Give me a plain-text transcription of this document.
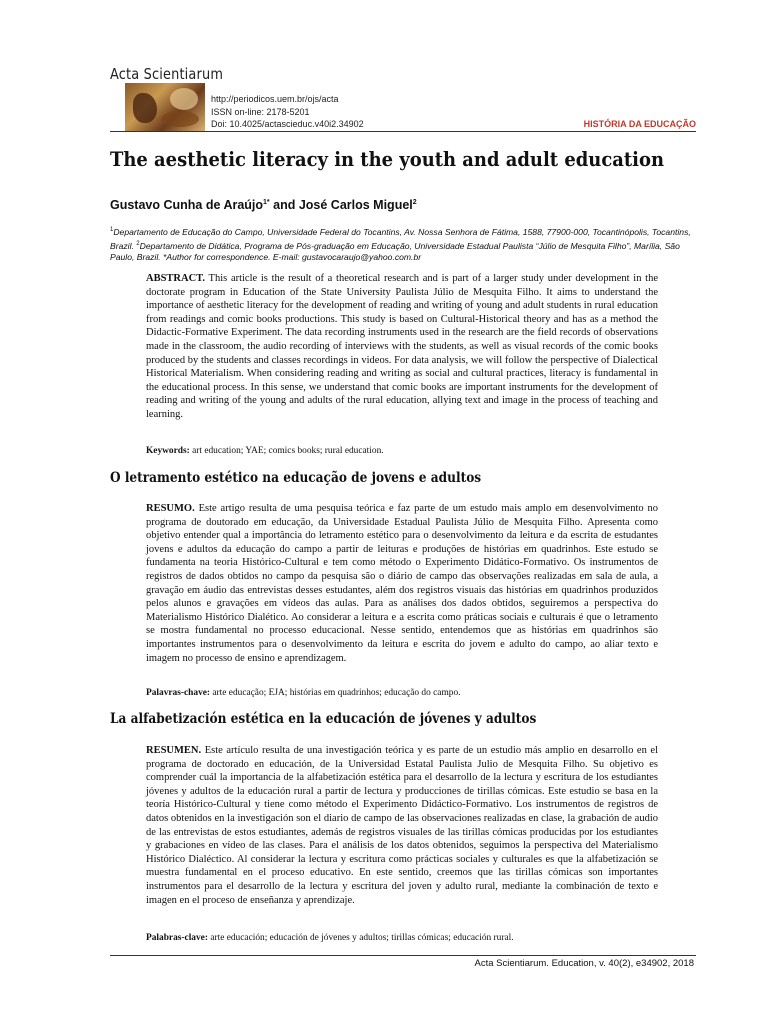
Acta Scientiarum
http://periodicos.uem.br/ojs/acta
ISSN on-line: 2178-5201
Doi: 10.4025/actascieduc.v40i2.34902	HISTÓRIA DA EDUCAÇÃO
The aesthetic literacy in the youth and adult education
Gustavo Cunha de Araújo$^{1*}$ and José Carlos Miguel$^2$
$^1$Departamento de Educação do Campo, Universidade Federal do Tocantins, Av. Nossa Senhora de Fátima, 1588, 77900-000, Tocantinópolis, Tocantins, Brazil. $^2$Departamento de Didática, Programa de Pós-graduação em Educação, Universidade Estadual Paulista “Júlio de Mesquita Filho”, Marília, São Paulo, Brazil. *Author for correspondence. E-mail: gustavocaraujo@yahoo.com.br
ABSTRACT. This article is the result of a theoretical research and is part of a larger study under development in the doctorate program in Education of the State University Paulista Júlio de Mesquita Filho. It aims to understand the importance of aesthetic literacy for the development of reading and writing of young and adult students in rural education from readings and comic books productions. This study is based on Cultural-Historical theory and has as a method the Didactic-Formative Experiment. The data recording instruments used in the research are the field records of observations made in the classroom, the audio recording of interviews with the students, as well as visual records of the comic books produced by the students and classes recordings in videos. For data analysis, we will follow the perspective of Dialectical Historical Materialism. When considering reading and writing as social and cultural practices, literacy is fundamental in the educational process. In this sense, we understand that comic books are important instruments for the development of reading and writing of the young and adults of the rural education, allying text and image in the process of teaching and learning.
Keywords: art education; YAE; comics books; rural education.
O letramento estético na educação de jovens e adultos
RESUMO. Este artigo resulta de uma pesquisa teórica e faz parte de um estudo mais amplo em desenvolvimento no programa de doutorado em educação, da Universidade Estadual Paulista Júlio de Mesquita Filho. Apresenta como objetivo entender qual a importância do letramento estético para o desenvolvimento da leitura e da escrita de estudantes jovens e adultos da educação do campo a partir de leituras e produções de histórias em quadrinhos. Este estudo se fundamenta na teoria Histórico-Cultural e tem como método o Experimento Didático-Formativo. Os instrumentos de registros de dados obtidos no campo da pesquisa são o diário de campo das observações realizadas em sala de aula, a gravação em áudio das entrevistas desses estudantes, além dos registros visuais das histórias em quadrinhos produzidos pelos alunos e gravações em vídeos das aulas. Para as análises dos dados obtidos, seguiremos a perspectiva do Materialismo Histórico Dialético. Ao considerar a leitura e a escrita como práticas sociais e culturais é que o letramento se mostra fundamental no processo educacional. Nesse sentido, entendemos que as histórias em quadrinhos são importantes instrumentos para o desenvolvimento da leitura e escrita do jovem e adulto do campo, ao aliar texto e imagem no processo de ensino e aprendizagem.
Palavras-chave: arte educação; EJA; histórias em quadrinhos; educação do campo.
La alfabetización estética en la educación de jóvenes y adultos
RESUMEN. Este artículo resulta de una investigación teórica y es parte de un estudio más amplio en desarrollo en el programa de doctorado en educación, de la Universidad Estatal Paulista Julio de Mesquita Filho. Su objetivo es comprender cuál la importancia de la alfabetización estética para el desarrollo de la lectura y escritura de los estudiantes jóvenes y adultos de la educación rural a partir de lectura y producciones de tirillas cómicas. Este estudio se basa en la teoría Histórico-Cultural y tiene como método el Experimento Didáctico-Formativo. Los instrumentos de registros de datos obtenidos en la investigación son el diario de campo de las observaciones realizadas en clase, la grabación de audio de las entrevistas de estos estudiantes, además de registros visuales de las tirillas cómicas producidas por los estudiantes y grabaciones en vídeo de las clases. Para el análisis de los datos obtenidos, seguimos la perspectiva del Materialismo Histórico Dialéctico. Al considerar la lectura y escritura como prácticas sociales y culturales es que la alfabetización se muestra fundamental en el proceso educativo. En este sentido, creemos que las tirillas cómicas son importantes instrumentos para el desarrollo de la lectura y escritura del joven y adulto rural, mediante la combinación de texto e imagen en el proceso de enseñanza y aprendizaje.
Palabras-clave: arte educación; educación de jóvenes y adultos; tirillas cómicas; educación rural.
Acta Scientiarum. Education, v. 40(2), e34902, 2018
